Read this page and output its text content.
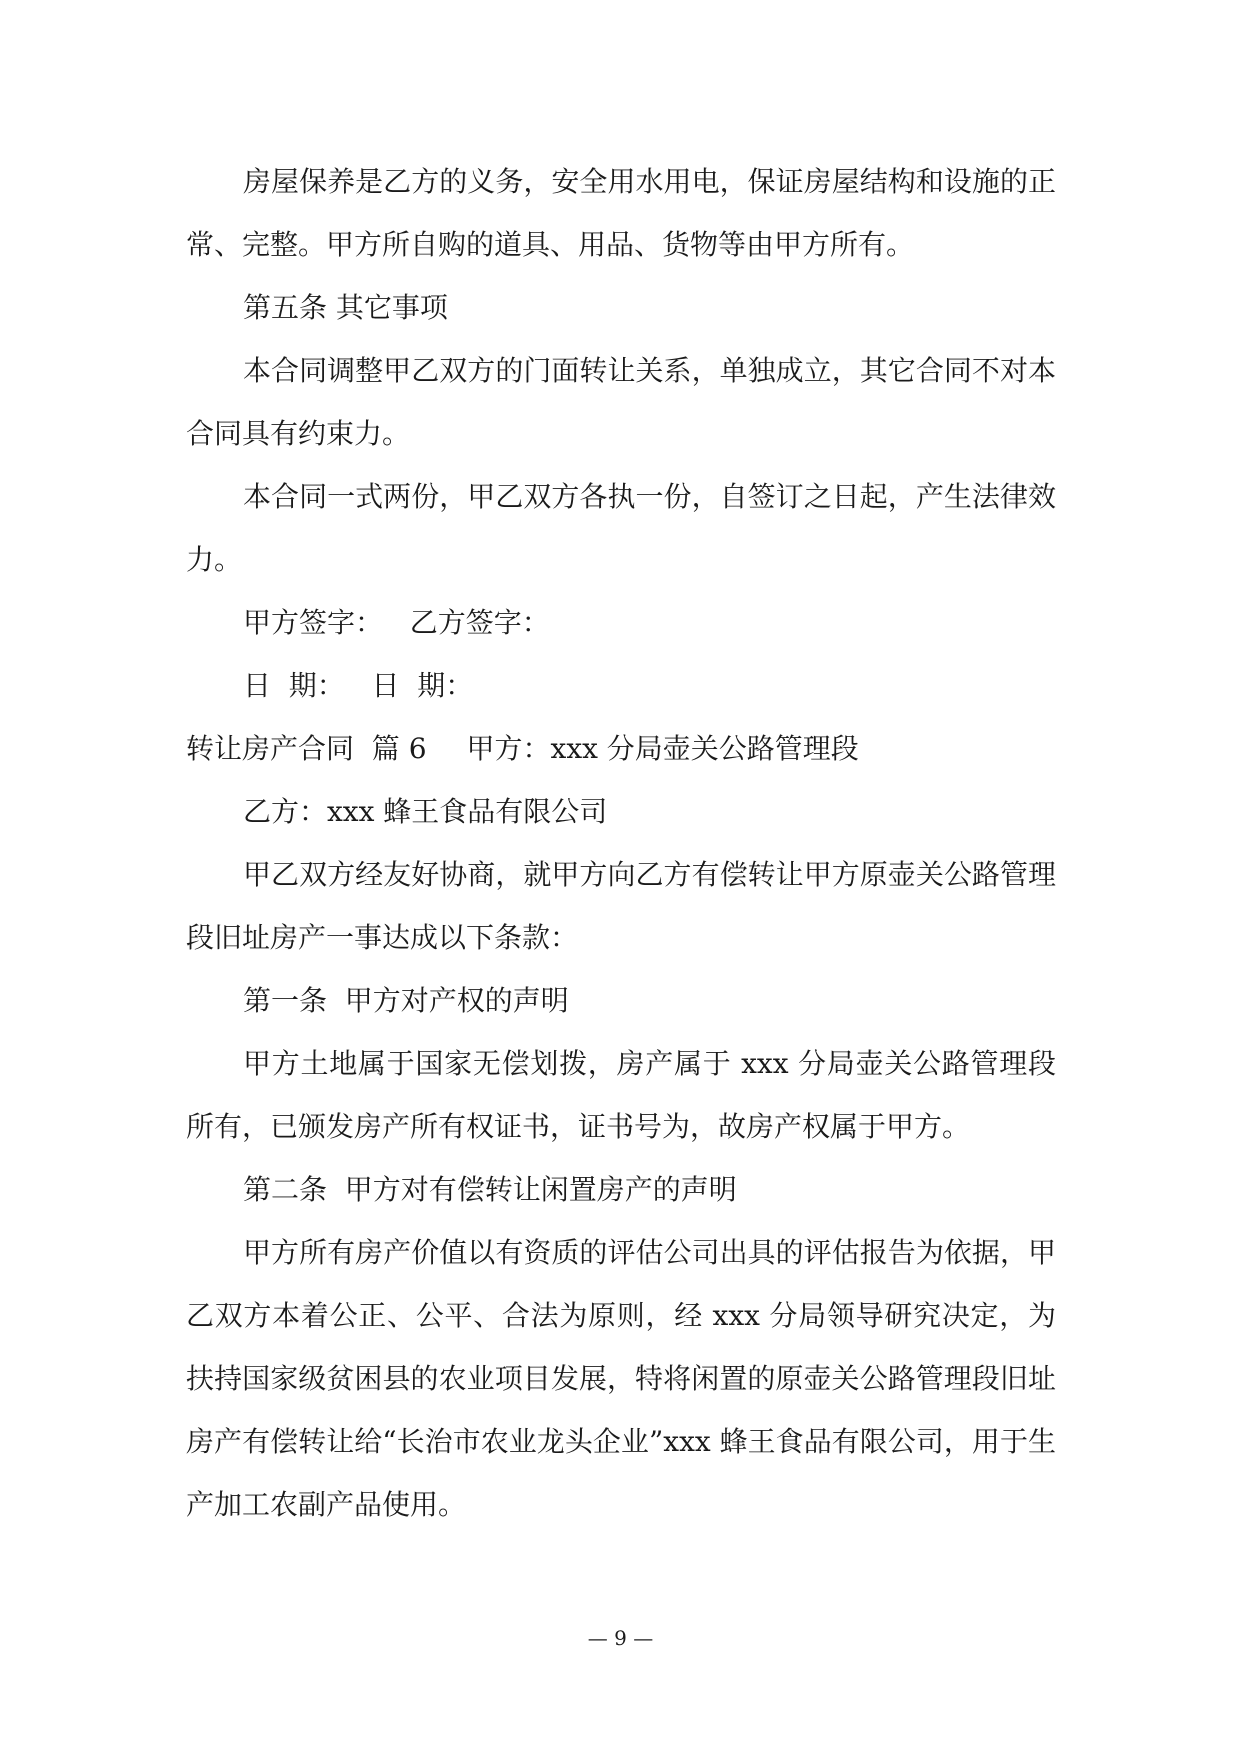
房屋保养是乙方的义务，安全用水用电，保证房屋结构和设施的正常、完整。甲方所自购的道具、用品、货物等由甲方所有。

第五条 其它事项

本合同调整甲乙双方的门面转让关系，单独成立，其它合同不对本合同具有约束力。

本合同一式两份，甲乙双方各执一份，自签订之日起，产生法律效力。

甲方签字：   乙方签字：

日  期：   日  期：

转让房产合同  篇 6 甲方：xxx 分局壶关公路管理段

乙方：xxx 蜂王食品有限公司

甲乙双方经友好协商，就甲方向乙方有偿转让甲方原壶关公路管理段旧址房产一事达成以下条款：

第一条  甲方对产权的声明

甲方土地属于国家无偿划拨，房产属于 xxx 分局壶关公路管理段所有，已颁发房产所有权证书，证书号为，故房产权属于甲方。

第二条  甲方对有偿转让闲置房产的声明

甲方所有房产价值以有资质的评估公司出具的评估报告为依据，甲乙双方本着公正、公平、合法为原则，经 xxx 分局领导研究决定，为扶持国家级贫困县的农业项目发展，特将闲置的原壶关公路管理段旧址房产有偿转让给“长治市农业龙头企业”xxx 蜂王食品有限公司，用于生产加工农副产品使用。

— 9 —
